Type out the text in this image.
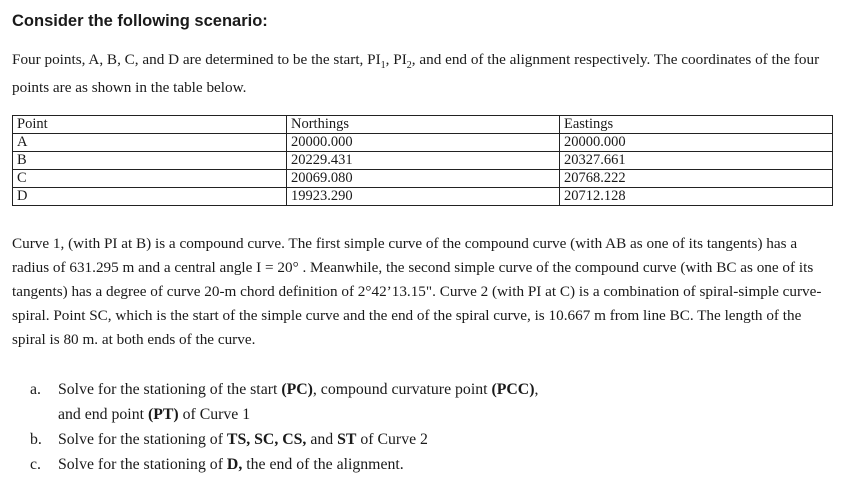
Consider the following scenario:
Four points, A, B, C, and D are determined to be the start, $PI_1$, $PI_2$, and end of the alignment respectively. The coordinates of the four points are as shown in the table below.
Point	Northings	Eastings
A	20000.000	20000.000
B	20229.431	20327.661
C	20069.080	20768.222
D	19923.290	20712.128
Curve 1, (with PI at B) is a compound curve. The first simple curve of the compound curve (with AB as one of its tangents) has a radius of 631.295 m and a central angle I = 20° . Meanwhile, the second simple curve of the compound curve (with BC as one of its tangents) has a degree of curve 20-m chord definition of 2°42’13.15". Curve 2 (with PI at C) is a combination of spiral-simple curve-spiral. Point SC, which is the start of the simple curve and the end of the spiral curve, is 10.667 m from line BC. The length of the spiral is 80 m. at both ends of the curve.
a.	Solve for the stationing of the start (PC), compound curvature point (PCC), and end point (PT) of Curve 1
b.	Solve for the stationing of TS, SC, CS, and ST of Curve 2
c.	Solve for the stationing of D, the end of the alignment.
